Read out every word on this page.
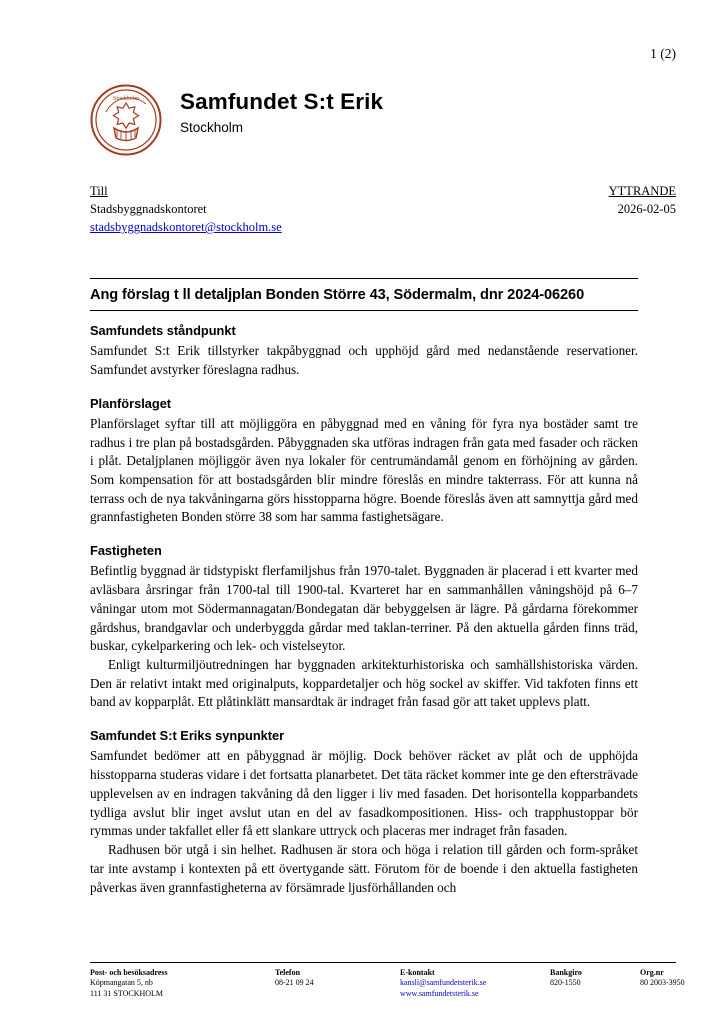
1 (2)
Stockholm Samfundet S:t Erik
Stockholm
Till
Stadsbyggnadskontoret
stadsbyggnadskontoret@stockholm.se
YTTRANDE
2026-02-05
Ang förslag t ll detaljplan Bonden Större 43, Södermalm, dnr 2024-06260
Samfundets ståndpunkt

Samfundet S:t Erik tillstyrker takpåbyggnad och upphöjd gård med nedanstående reservationer. Samfundet avstyrker föreslagna radhus.

Planförslaget

Planförslaget syftar till att möjliggöra en påbyggnad med en våning för fyra nya bostäder samt tre radhus i tre plan på bostadsgården. Påbyggnaden ska utföras indragen från gata med fasader och räcken i plåt. Detaljplanen möjliggör även nya lokaler för centrumändamål genom en förhöjning av gården. Som kompensation för att bostadsgården blir mindre föreslås en mindre takterrass. För att kunna nå terrass och de nya takvåningarna görs hisstopparna högre. Boende föreslås även att samnyttja gård med grannfastigheten Bonden större 38 som har samma fastighetsägare.

Fastigheten

Befintlig byggnad är tidstypiskt flerfamiljshus från 1970-talet. Byggnaden är placerad i ett kvarter med avläsbara årsringar från 1700-tal till 1900-tal. Kvarteret har en sammanhållen våningshöjd på 6–7 våningar utom mot Södermannagatan/Bondegatan där bebyggelsen är lägre. På gårdarna förekommer gårdshus, brandgavlar och underbyggda gårdar med taklan-terriner. På den aktuella gården finns träd, buskar, cykelparkering och lek- och vistelseytor.

Enligt kulturmiljöutredningen har byggnaden arkitekturhistoriska och samhällshistoriska värden. Den är relativt intakt med originalputs, koppardetaljer och hög sockel av skiffer. Vid takfoten finns ett band av kopparplåt. Ett plåtinklätt mansardtak är indraget från fasad gör att taket upplevs platt.

Samfundet S:t Eriks synpunkter

Samfundet bedömer att en påbyggnad är möjlig. Dock behöver räcket av plåt och de upphöjda hisstopparna studeras vidare i det fortsatta planarbetet. Det täta räcket kommer inte ge den eftersträvade upplevelsen av en indragen takvåning då den ligger i liv med fasaden. Det horisontella kopparbandets tydliga avslut blir inget avslut utan en del av fasadkompositionen. Hiss- och trapphustoppar bör rymmas under takfallet eller få ett slankare uttryck och placeras mer indraget från fasaden.

Radhusen bör utgå i sin helhet. Radhusen är stora och höga i relation till gården och form-språket tar inte avstamp i kontexten på ett övertygande sätt. Förutom för de boende i den aktuella fastigheten påverkas även grannfastigheterna av försämrade ljusförhållanden och

Post- och besöksadress
Köpmangatan 5, nb
111 31 STOCKHOLM
Telefon
08-21 09 24
E-kontakt
kansli@samfundetsterik.se
www.samfundetsterik.se
Bankgiro
820-1550
Org.nr
80 2003-3950
